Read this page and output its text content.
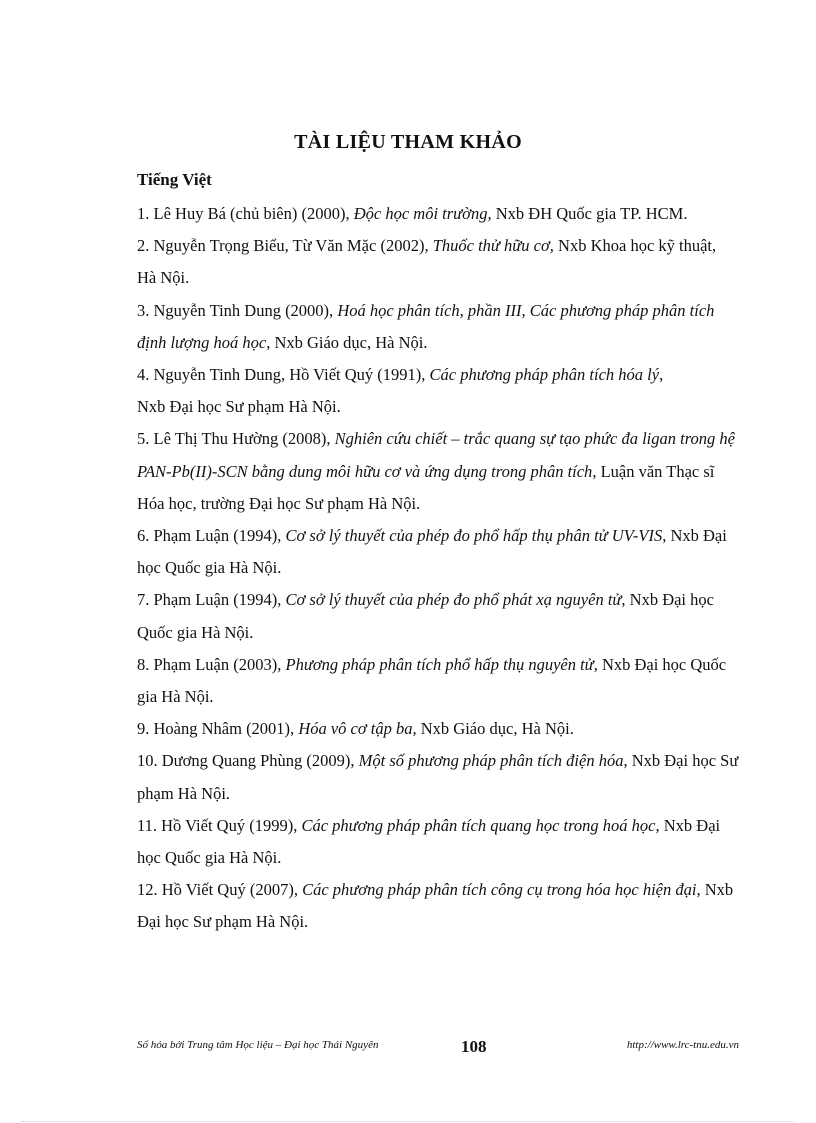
TÀI LIỆU THAM KHẢO
Tiếng Việt

1. Lê Huy Bá (chủ biên) (2000), Độc học môi trường, Nxb ĐH Quốc gia TP. HCM.

2. Nguyễn Trọng Biểu, Từ Văn Mặc (2002), Thuốc thử hữu cơ, Nxb Khoa học kỹ thuật, Hà Nội.

3. Nguyễn Tinh Dung (2000), Hoá học phân tích, phần III, Các phương pháp phân tích định lượng hoá học, Nxb Giáo dục, Hà Nội.

4. Nguyễn Tinh Dung, Hồ Viết Quý (1991), Các phương pháp phân tích hóa lý,

Nxb Đại học Sư phạm Hà Nội.

5. Lê Thị Thu Hường (2008), Nghiên cứu chiết – trắc quang sự tạo phức đa ligan trong hệ PAN-Pb(II)-SCN bằng dung môi hữu cơ và ứng dụng trong phân tích, Luận văn Thạc sĩ Hóa học, trường Đại học Sư phạm Hà Nội.

6. Phạm Luận (1994), Cơ sở lý thuyết của phép đo phổ hấp thụ phân tử UV-VIS, Nxb Đại học Quốc gia Hà Nội.

7. Phạm Luận (1994), Cơ sở lý thuyết của phép đo phổ phát xạ nguyên tử, Nxb Đại học Quốc gia Hà Nội.

8. Phạm Luận (2003), Phương pháp phân tích phổ hấp thụ nguyên tử, Nxb Đại học Quốc gia Hà Nội.

9. Hoàng Nhâm (2001), Hóa vô cơ tập ba, Nxb Giáo dục, Hà Nội.

10. Dương Quang Phùng (2009), Một số phương pháp phân tích điện hóa, Nxb Đại học Sư phạm Hà Nội.

11. Hồ Viết Quý (1999), Các phương pháp phân tích quang học trong hoá học, Nxb Đại học Quốc gia Hà Nội.

12. Hồ Viết Quý (2007), Các phương pháp phân tích công cụ trong hóa học hiện đại, Nxb Đại học Sư phạm Hà Nội.

Số hóa bởi Trung tâm Học liệu – Đại học Thái Nguyên	108	http://www.lrc-tnu.edu.vn
